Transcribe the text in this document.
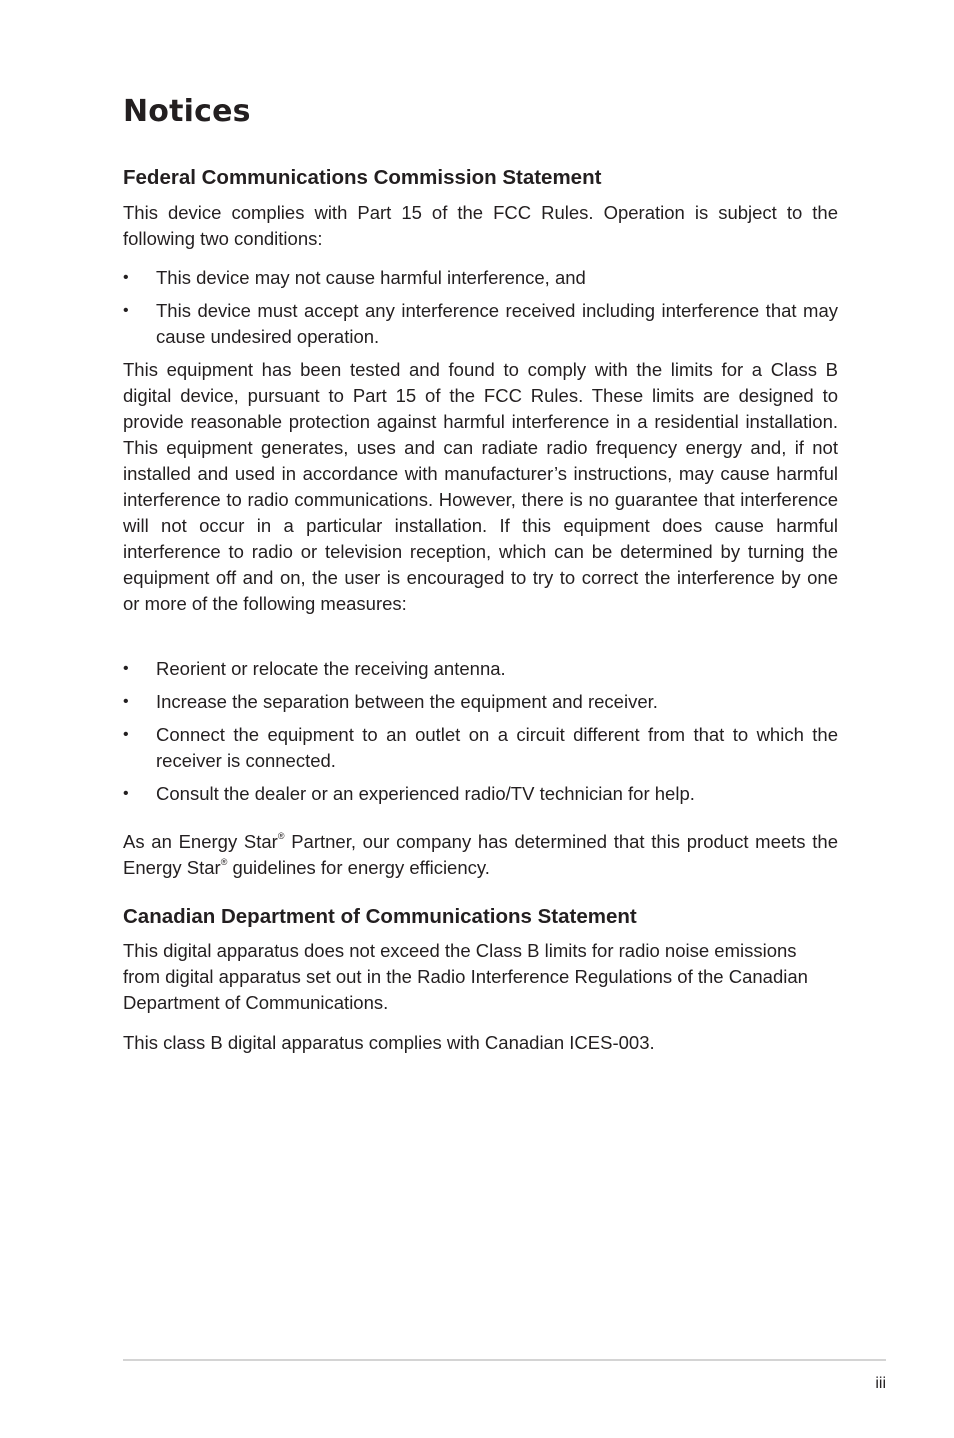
Notices
Federal Communications Commission Statement

This device complies with Part 15 of the FCC Rules. Operation is subject to the following two conditions:

• This device may not cause harmful interference, and
• This device must accept any interference received including interference that may cause undesired operation.

This equipment has been tested and found to comply with the limits for a Class B digital device, pursuant to Part 15 of the FCC Rules. These limits are designed to provide reasonable protection against harmful interference in a residential installation. This equipment generates, uses and can radiate radio frequency energy and, if not installed and used in accordance with manufacturer’s instructions, may cause harmful interference to radio communications. However, there is no guarantee that interference will not occur in a particular installation. If this equipment does cause harmful interference to radio or television reception, which can be determined by turning the equipment off and on, the user is encouraged to try to correct the interference by one or more of the following measures:

• Reorient or relocate the receiving antenna.
• Increase the separation between the equipment and receiver.
• Connect the equipment to an outlet on a circuit different from that to which the receiver is connected.
• Consult the dealer or an experienced radio/TV technician for help.

As an Energy Star® Partner, our company has determined that this product meets the Energy Star® guidelines for energy efficiency.

Canadian Department of Communications Statement

This digital apparatus does not exceed the Class B limits for radio noise emissions from digital apparatus set out in the Radio Interference Regulations of the Canadian Department of Communications.

This class B digital apparatus complies with Canadian ICES-003.

iii
